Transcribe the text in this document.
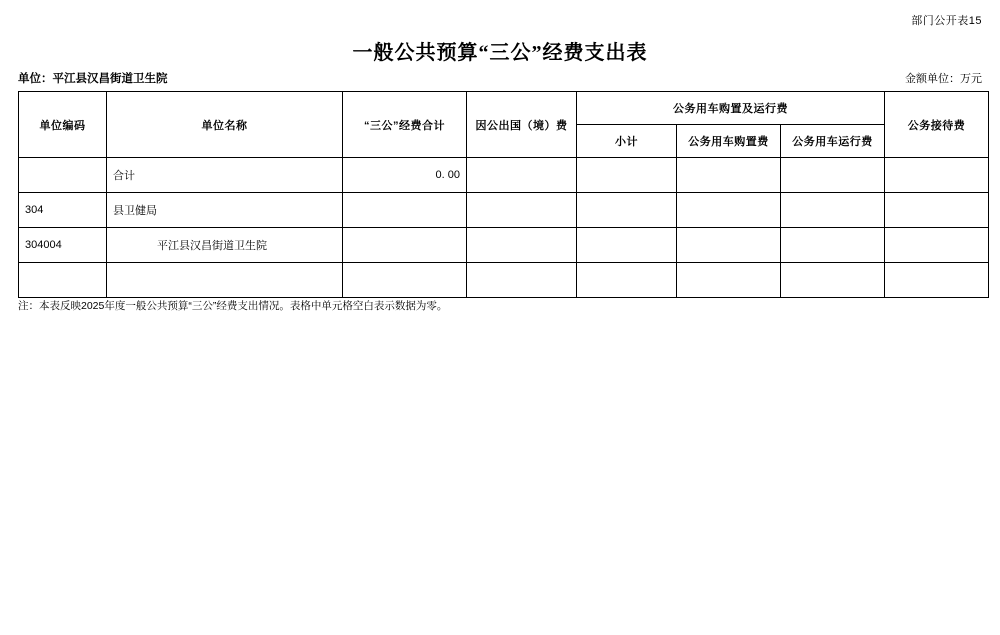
部门公开表15
一般公共预算“三公”经费支出表
单位：平江县汉昌街道卫生院	金额单位：万元
单位编码	单位名称	“三公”经费合计	因公出国（境）费	公务用车购置及运行费			公务接待费
				小计	公务用车购置费	公务用车运行费	
	合计	0. 00					
304	县卫健局						
304004	平江县汉昌街道卫生院						

注：本表反映2025年度一般公共预算“三公”经费支出情况。表格中单元格空白表示数据为零。
